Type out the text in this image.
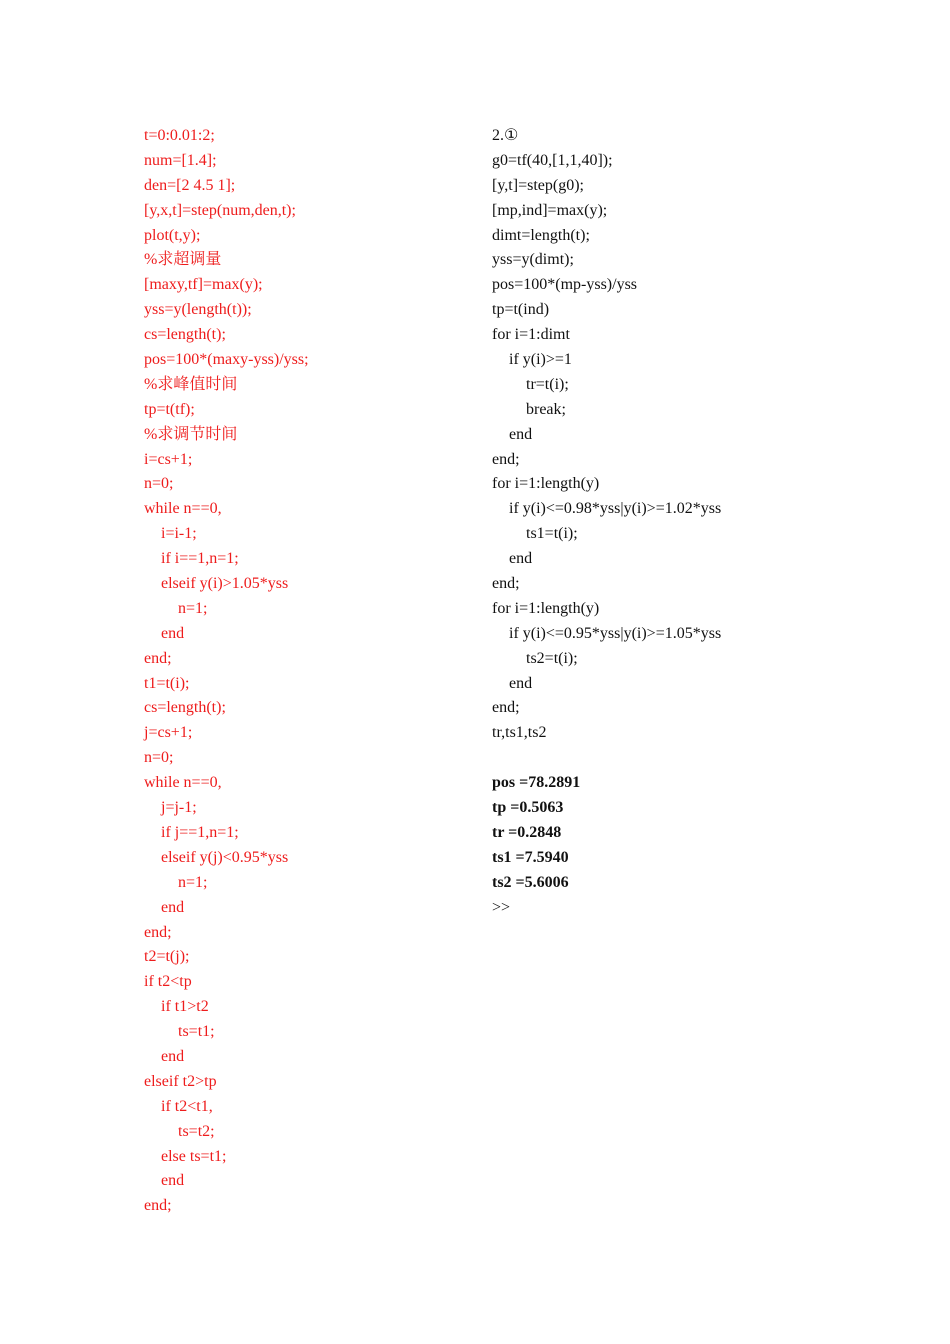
t=0:0.01:2;
num=[1.4];
den=[2 4.5 1];
[y,x,t]=step(num,den,t);
plot(t,y);
%求超调量
[maxy,tf]=max(y);
yss=y(length(t));
cs=length(t);
pos=100*(maxy-yss)/yss;
%求峰值时间
tp=t(tf);
%求调节时间
i=cs+1;
n=0;
while n==0,
i=i-1;
if i==1,n=1;
elseif y(i)>1.05*yss
n=1;
end
end;
t1=t(i);
cs=length(t);
j=cs+1;
n=0;
while n==0,
j=j-1;
if j==1,n=1;
elseif y(j)<0.95*yss
n=1;
end
end;
t2=t(j);
if t2<tp
if t1>t2
ts=t1;
end
elseif t2>tp
if t2<t1,
ts=t2;
else ts=t1;
end
end;
2.①
g0=tf(40,[1,1,40]);
[y,t]=step(g0);
[mp,ind]=max(y);
dimt=length(t);
yss=y(dimt);
pos=100*(mp-yss)/yss
tp=t(ind)
for i=1:dimt
if y(i)>=1
tr=t(i);
break;
end
end;
for i=1:length(y)
if y(i)<=0.98*yss|y(i)>=1.02*yss
ts1=t(i);
end
end;
for i=1:length(y)
if y(i)<=0.95*yss|y(i)>=1.05*yss
ts2=t(i);
end
end;
tr,ts1,ts2
pos =78.2891
tp =0.5063
tr =0.2848
ts1 =7.5940
ts2 =5.6006
>>
